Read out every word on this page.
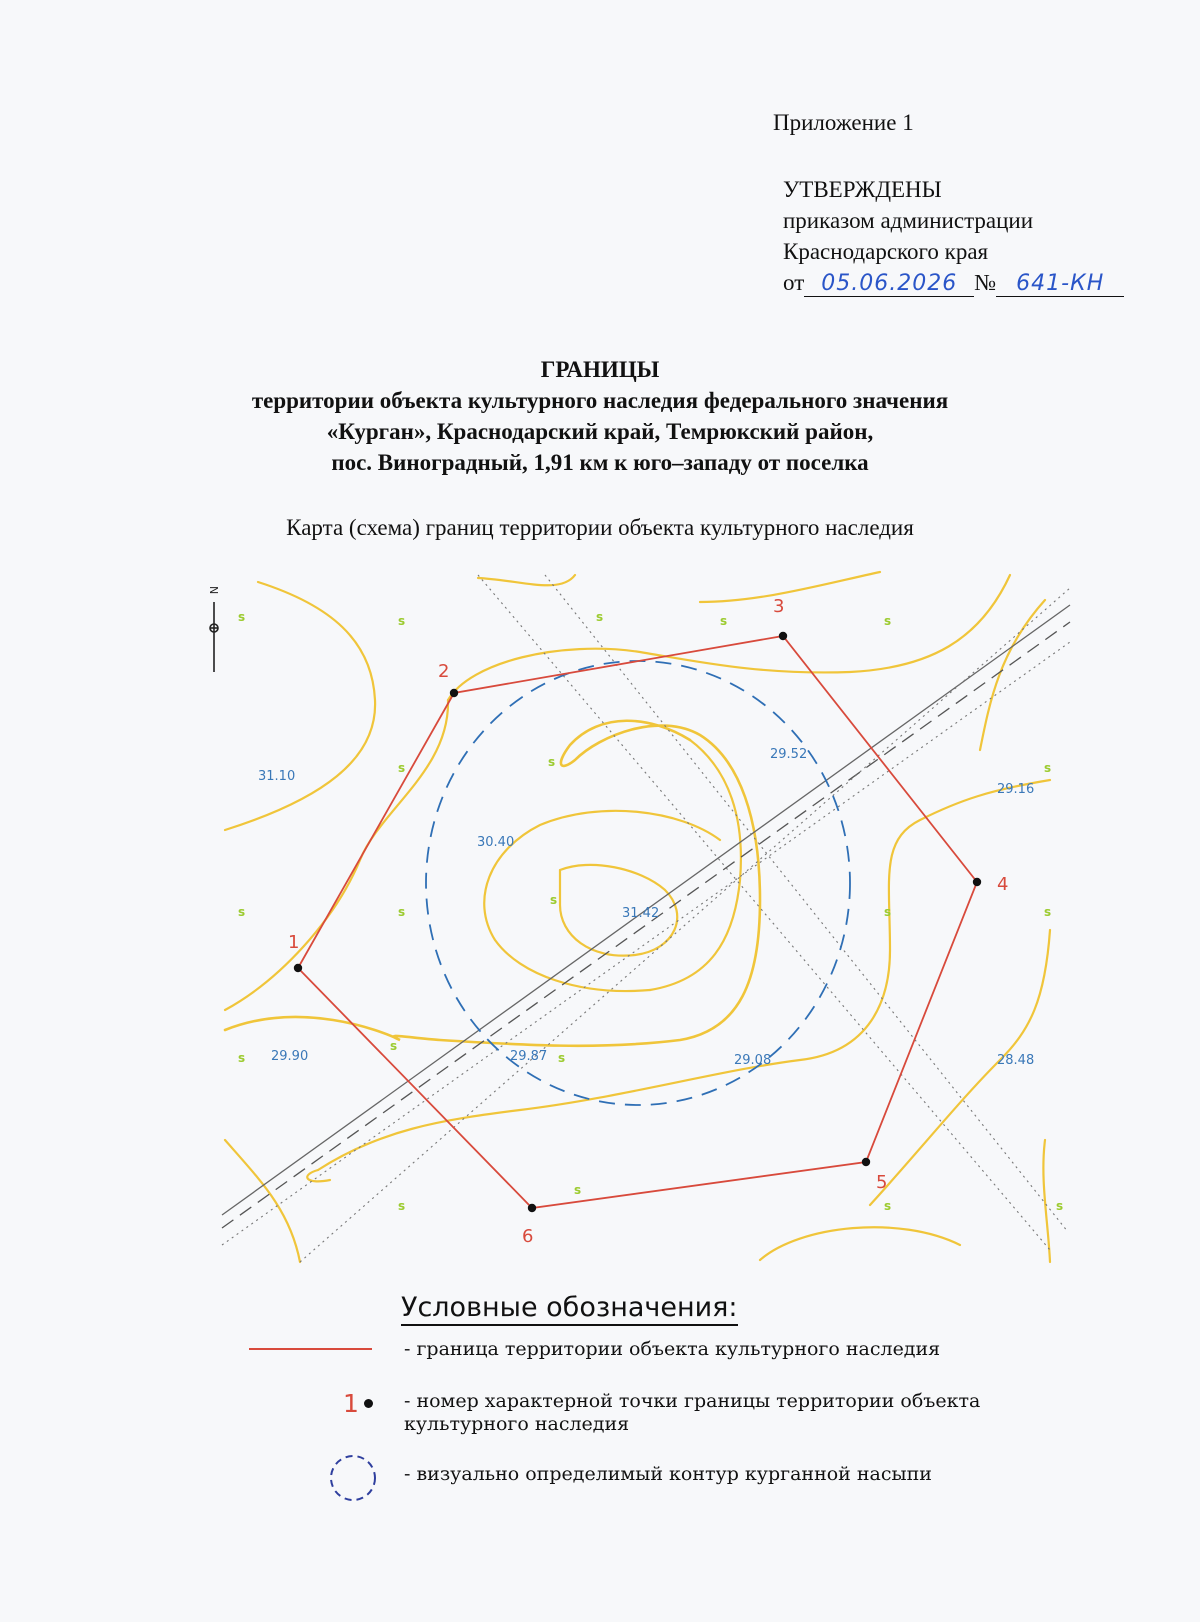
Приложение 1
УТВЕРЖДЕНЫ
приказом администрации
Краснодарского края
от 05.06.2026 № 641-КН
ГРАНИЦЫ
территории объекта культурного наследия федерального значения
«Курган», Краснодарский край, Темрюкский район,
пос. Виноградный, 1,91 км к юго–западу от поселка
Карта (схема) границ территории объекта культурного наследия
N
s	s	s	s	s
s	s	s
s	s
s
s	s
s
s
s
s
s
s	s
1
2
3
4
5
6
31.10
29.52
29.16
30.40
31.42
29.90	29.87	29.08	28.48
Условные обозначения:
- граница территории объекта культурного наследия
1 - номер характерной точки границы территории объекта культурного наследия
- визуально определимый контур курганной насыпи
